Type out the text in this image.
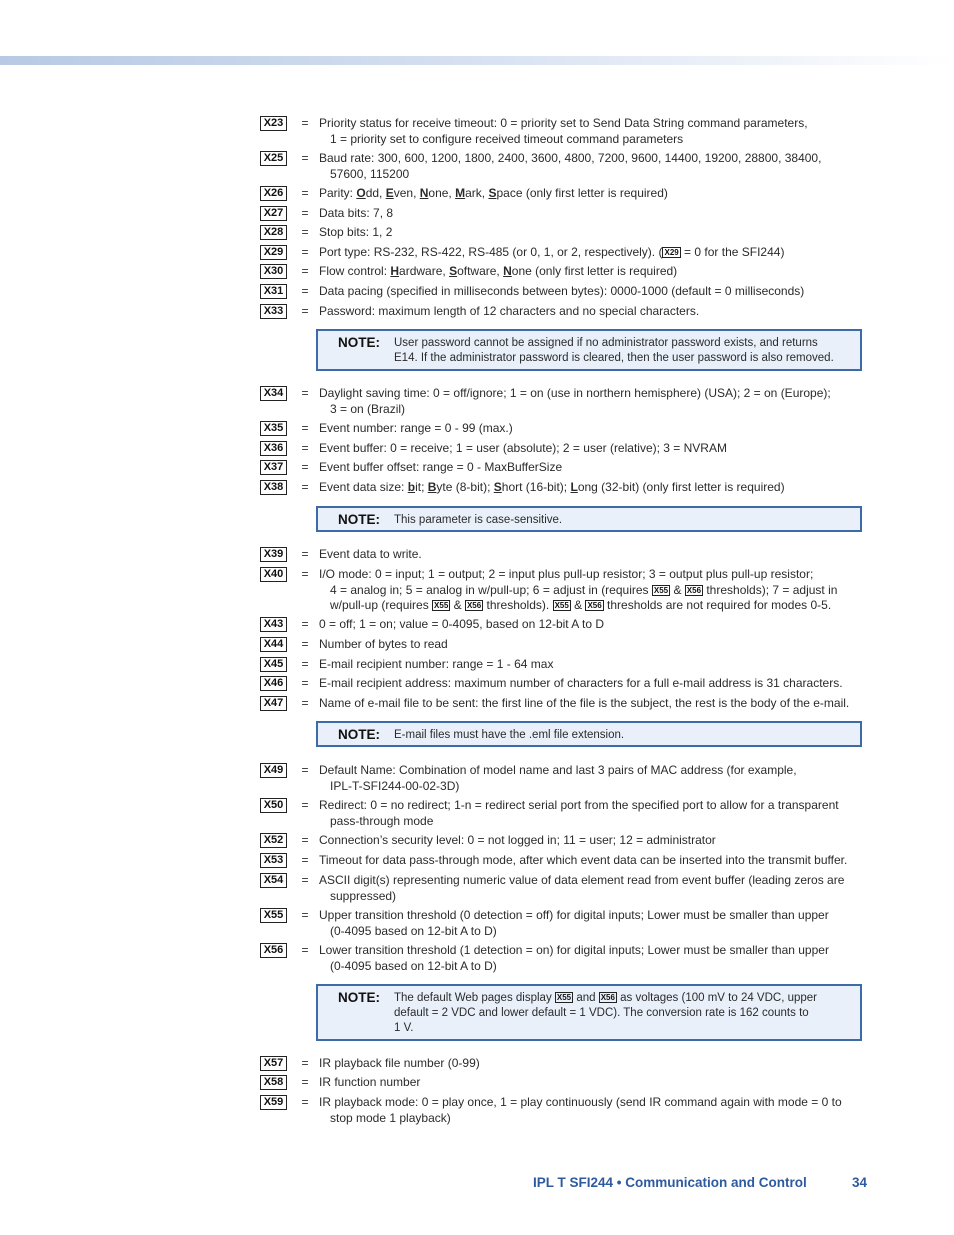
X23	= Priority status for receive timeout: 0 = priority set to Send Data String command parameters,
1 = priority set to configure received timeout command parameters
X25	= Baud rate: 300, 600, 1200, 1800, 2400, 3600, 4800, 7200, 9600, 14400, 19200, 28800, 38400,
57600, 115200
X26	= Parity: Odd, Even, None, Mark, Space (only first letter is required)
X27	= Data bits: 7, 8
X28	= Stop bits: 1, 2
X29	= Port type: RS-232, RS-422, RS-485 (or 0, 1, or 2, respectively). ( X29 = 0 for the SFI244)
X30	= Flow control: Hardware, Software, None (only first letter is required)
X31	= Data pacing (specified in milliseconds between bytes): 0000-1000 (default = 0 milliseconds)
X33	= Password: maximum length of 12 characters and no special characters.
NOTE: User password cannot be assigned if no administrator password exists, and returns
E14. If the administrator password is cleared, then the user password is also removed.
X34	= Daylight saving time: 0 = off/ignore; 1 = on (use in northern hemisphere) (USA); 2 = on (Europe);
3 = on (Brazil)
X35	= Event number: range = 0 - 99 (max.)
X36	= Event buffer: 0 = receive; 1 = user (absolute); 2 = user (relative); 3 = NVRAM
X37	= Event buffer offset: range = 0 - MaxBufferSize
X38	= Event data size: bit; Byte (8-bit); Short (16-bit); Long (32-bit) (only first letter is required)
NOTE: This parameter is case-sensitive.
X39	= Event data to write.
X40	= I/O mode: 0 = input; 1 = output; 2 = input plus pull-up resistor; 3 = output plus pull-up resistor;
4 = analog in; 5 = analog in w/pull-up; 6 = adjust in (requires X55 & X56 thresholds); 7 = adjust in
w/pull-up (requires X55 & X56 thresholds). X55 & X56 thresholds are not required for modes 0-5.
X43	= 0 = off; 1 = on; value = 0-4095, based on 12-bit A to D
X44	= Number of bytes to read
X45	= E-mail recipient number: range = 1 - 64 max
X46	= E-mail recipient address: maximum number of characters for a full e-mail address is 31 characters.
X47	= Name of e-mail file to be sent: the first line of the file is the subject, the rest is the body of the e-mail.
NOTE: E-mail files must have the .eml file extension.
X49	= Default Name: Combination of model name and last 3 pairs of MAC address (for example,
IPL-T-SFI244-00-02-3D)
X50	= Redirect: 0 = no redirect; 1-n = redirect serial port from the specified port to allow for a transparent
pass-through mode
X52	= Connection’s security level: 0 = not logged in; 11 = user; 12 = administrator
X53	= Timeout for data pass-through mode, after which event data can be inserted into the transmit buffer.
X54	= ASCII digit(s) representing numeric value of data element read from event buffer (leading zeros are
suppressed)
X55	= Upper transition threshold (0 detection = off) for digital inputs; Lower must be smaller than upper
(0-4095 based on 12-bit A to D)
X56	= Lower transition threshold (1 detection = on) for digital inputs; Lower must be smaller than upper
(0-4095 based on 12-bit A to D)
NOTE: The default Web pages display X55 and X56 as voltages (100 mV to 24 VDC, upper
default = 2 VDC and lower default = 1 VDC). The conversion rate is 162 counts to
1 V.
X57	= IR playback file number (0-99)
X58	= IR function number
X59	= IR playback mode: 0 = play once, 1 = play continuously (send IR command again with mode = 0 to
stop mode 1 playback)
IPL T SFI244 • Communication and Control	34
